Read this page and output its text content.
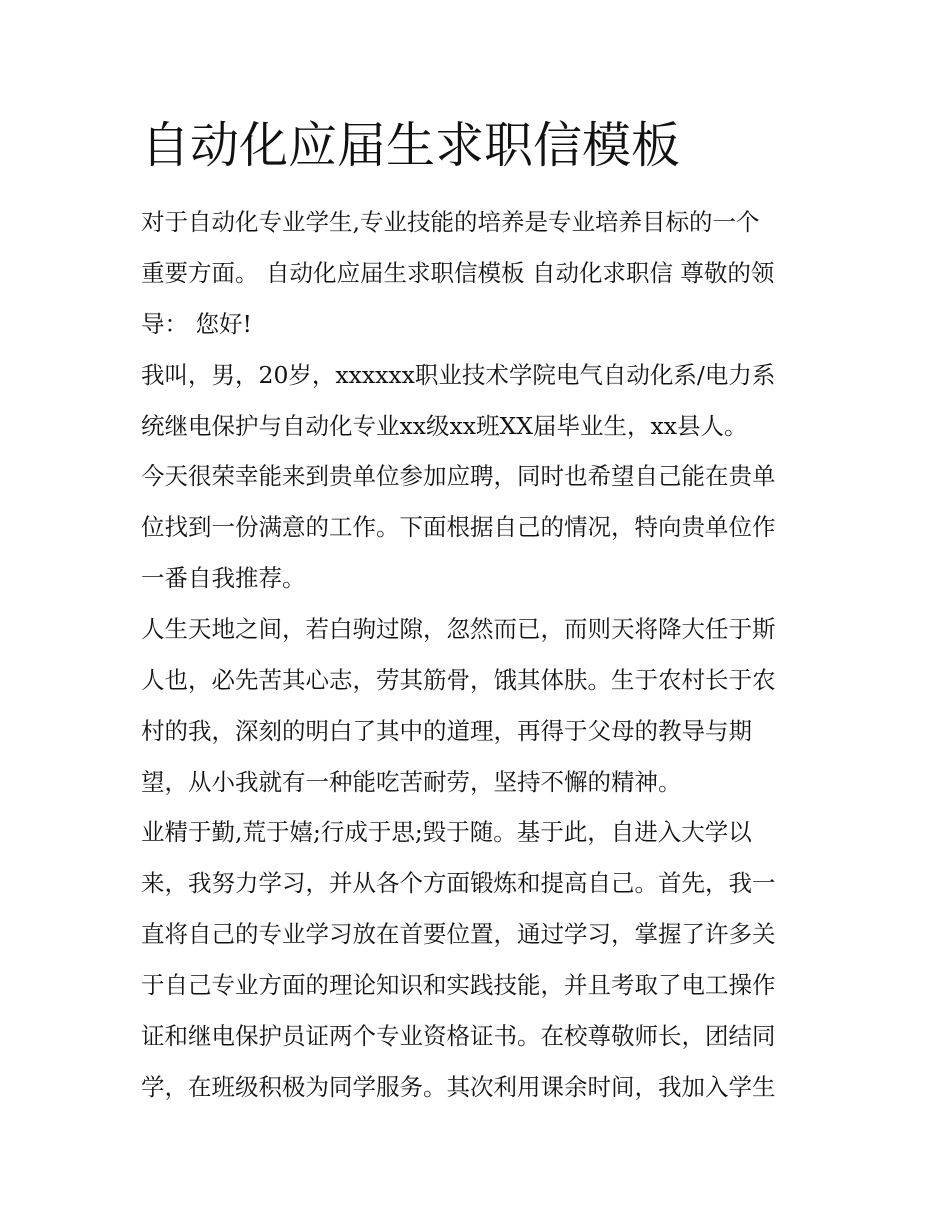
自动化应届生求职信模板

对于自动化专业学生,专业技能的培养是专业培养目标的一个

重要方面。 自动化应届生求职信模板 自动化求职信 尊敬的领

导： 您好!

我叫，男，20岁，xxxxxx职业技术学院电气自动化系/电力系

统继电保护与自动化专业xx级xx班XX届毕业生，xx县人。

今天很荣幸能来到贵单位参加应聘，同时也希望自己能在贵单

位找到一份满意的工作。下面根据自己的情况，特向贵单位作

一番自我推荐。

人生天地之间，若白驹过隙，忽然而已，而则天将降大任于斯

人也，必先苦其心志，劳其筋骨，饿其体肤。生于农村长于农

村的我，深刻的明白了其中的道理，再得于父母的教导与期

望，从小我就有一种能吃苦耐劳，坚持不懈的精神。

业精于勤,荒于嬉;行成于思;毁于随。基于此，自进入大学以

来，我努力学习，并从各个方面锻炼和提高自己。首先，我一

直将自己的专业学习放在首要位置，通过学习，掌握了许多关

于自己专业方面的理论知识和实践技能，并且考取了电工操作

证和继电保护员证两个专业资格证书。在校尊敬师长，团结同

学，在班级积极为同学服务。其次利用课余时间，我加入学生
